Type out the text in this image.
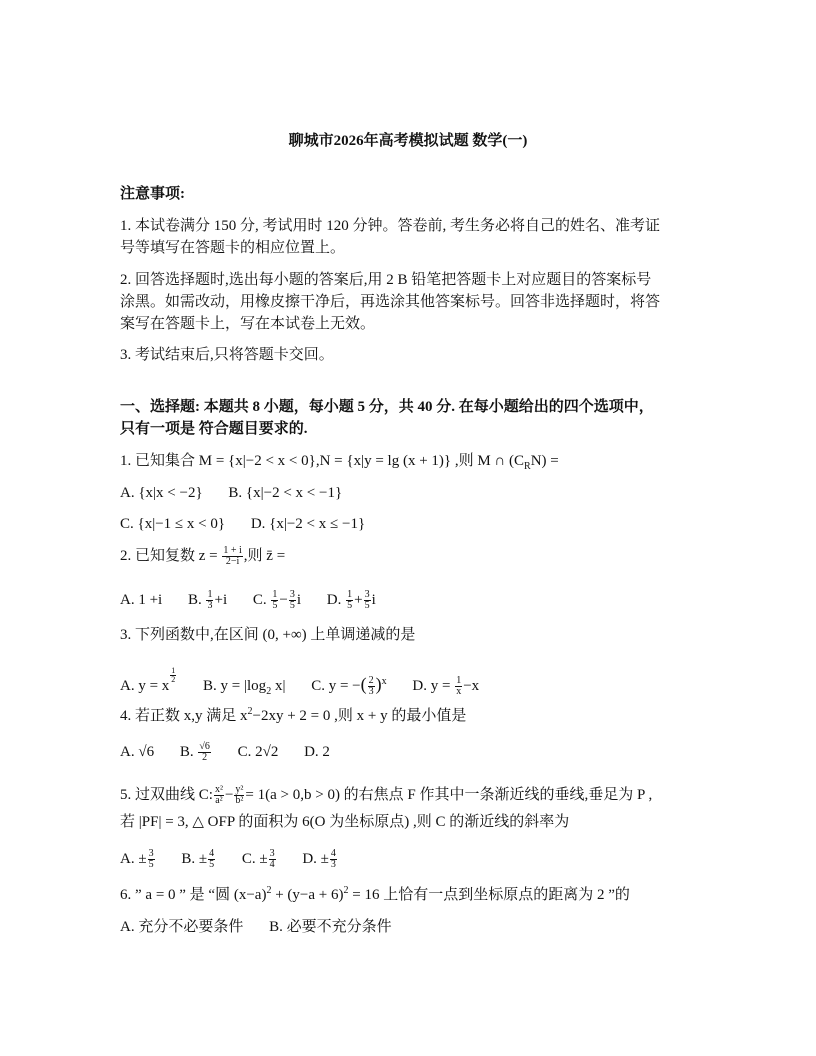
聊城市2026年高考模拟试题 数学(一)
注意事项:
1. 本试卷满分 150 分, 考试用时 120 分钟。答卷前, 考生务必将自己的姓名、准考证
号等填写在答题卡的相应位置上。
2. 回答选择题时,选出每小题的答案后,用 2 B 铅笔把答题卡上对应题目的答案标号
涂黑。如需改动，用橡皮擦干净后，再选涂其他答案标号。回答非选择题时，将答
案写在答题卡上，写在本试卷上无效。
3. 考试结束后,只将答题卡交回。
一、选择题: 本题共 8 小题，每小题 5 分，共 40 分. 在每小题给出的四个选项中，
只有一项是 符合题目要求的.
1. 已知集合 M = {x|−2 < x < 0},N = {x|y = lg (x + 1)} ,则 M ∩ $(C_RN)$ =
A. {x|x < −2} B. {x|−2 < x < −1}
C. {x|−1 ≤ x < 0} D. {x|−2 < x ≤ −1}
2. 已知复数 $z = \frac{1 + i}{2-i}$ ,则 z̄ =
A. 1 +i B. $\frac{1}{3} +i$ C. $\frac{1}{5} - \frac{3}{5}$ i D. $\frac{1}{5} + \frac{3}{5}$ i
3. 下列函数中,在区间 (0, +∞) 上单调递减的是
A. y = x
$\frac{1}{2}$
B. $y = |\log_2$ x| C. y = −( $\frac{2}{3} )^x$ D. $y = \frac{1}{x} -x$
4. 若正数 x,y 满足 $x^2-2xy + 2 = 0$ ,则 x + y 的最小值是
A. √6 B. $\frac{√6}{2} C$. 2√2 D. 2
5. 过双曲线 C: $\frac{\text{x²}}{\text{a²}} - \frac{\text{y²}}{\text{b²}} = 1(a > 0,b > 0)$ 的右焦点 F 作其中一条渐近线的垂线,垂足为 P ,
若 |PF| = 3, △ OFP 的面积为 6(O 为坐标原点) ,则 C 的渐近线的斜率为
A. ± $\frac{3}{5} B$. ± $\frac{4}{5} C$. ± $\frac{3}{4} D$. ± $\frac{4}{3}$
6. ” a = 0 ” 是 “圆 $(x-a)^2 + (y-a + 6)^2 = 16$ 上恰有一点到坐标原点的距离为 2 ”的
A. 充分不必要条件 B. 必要不充分条件
